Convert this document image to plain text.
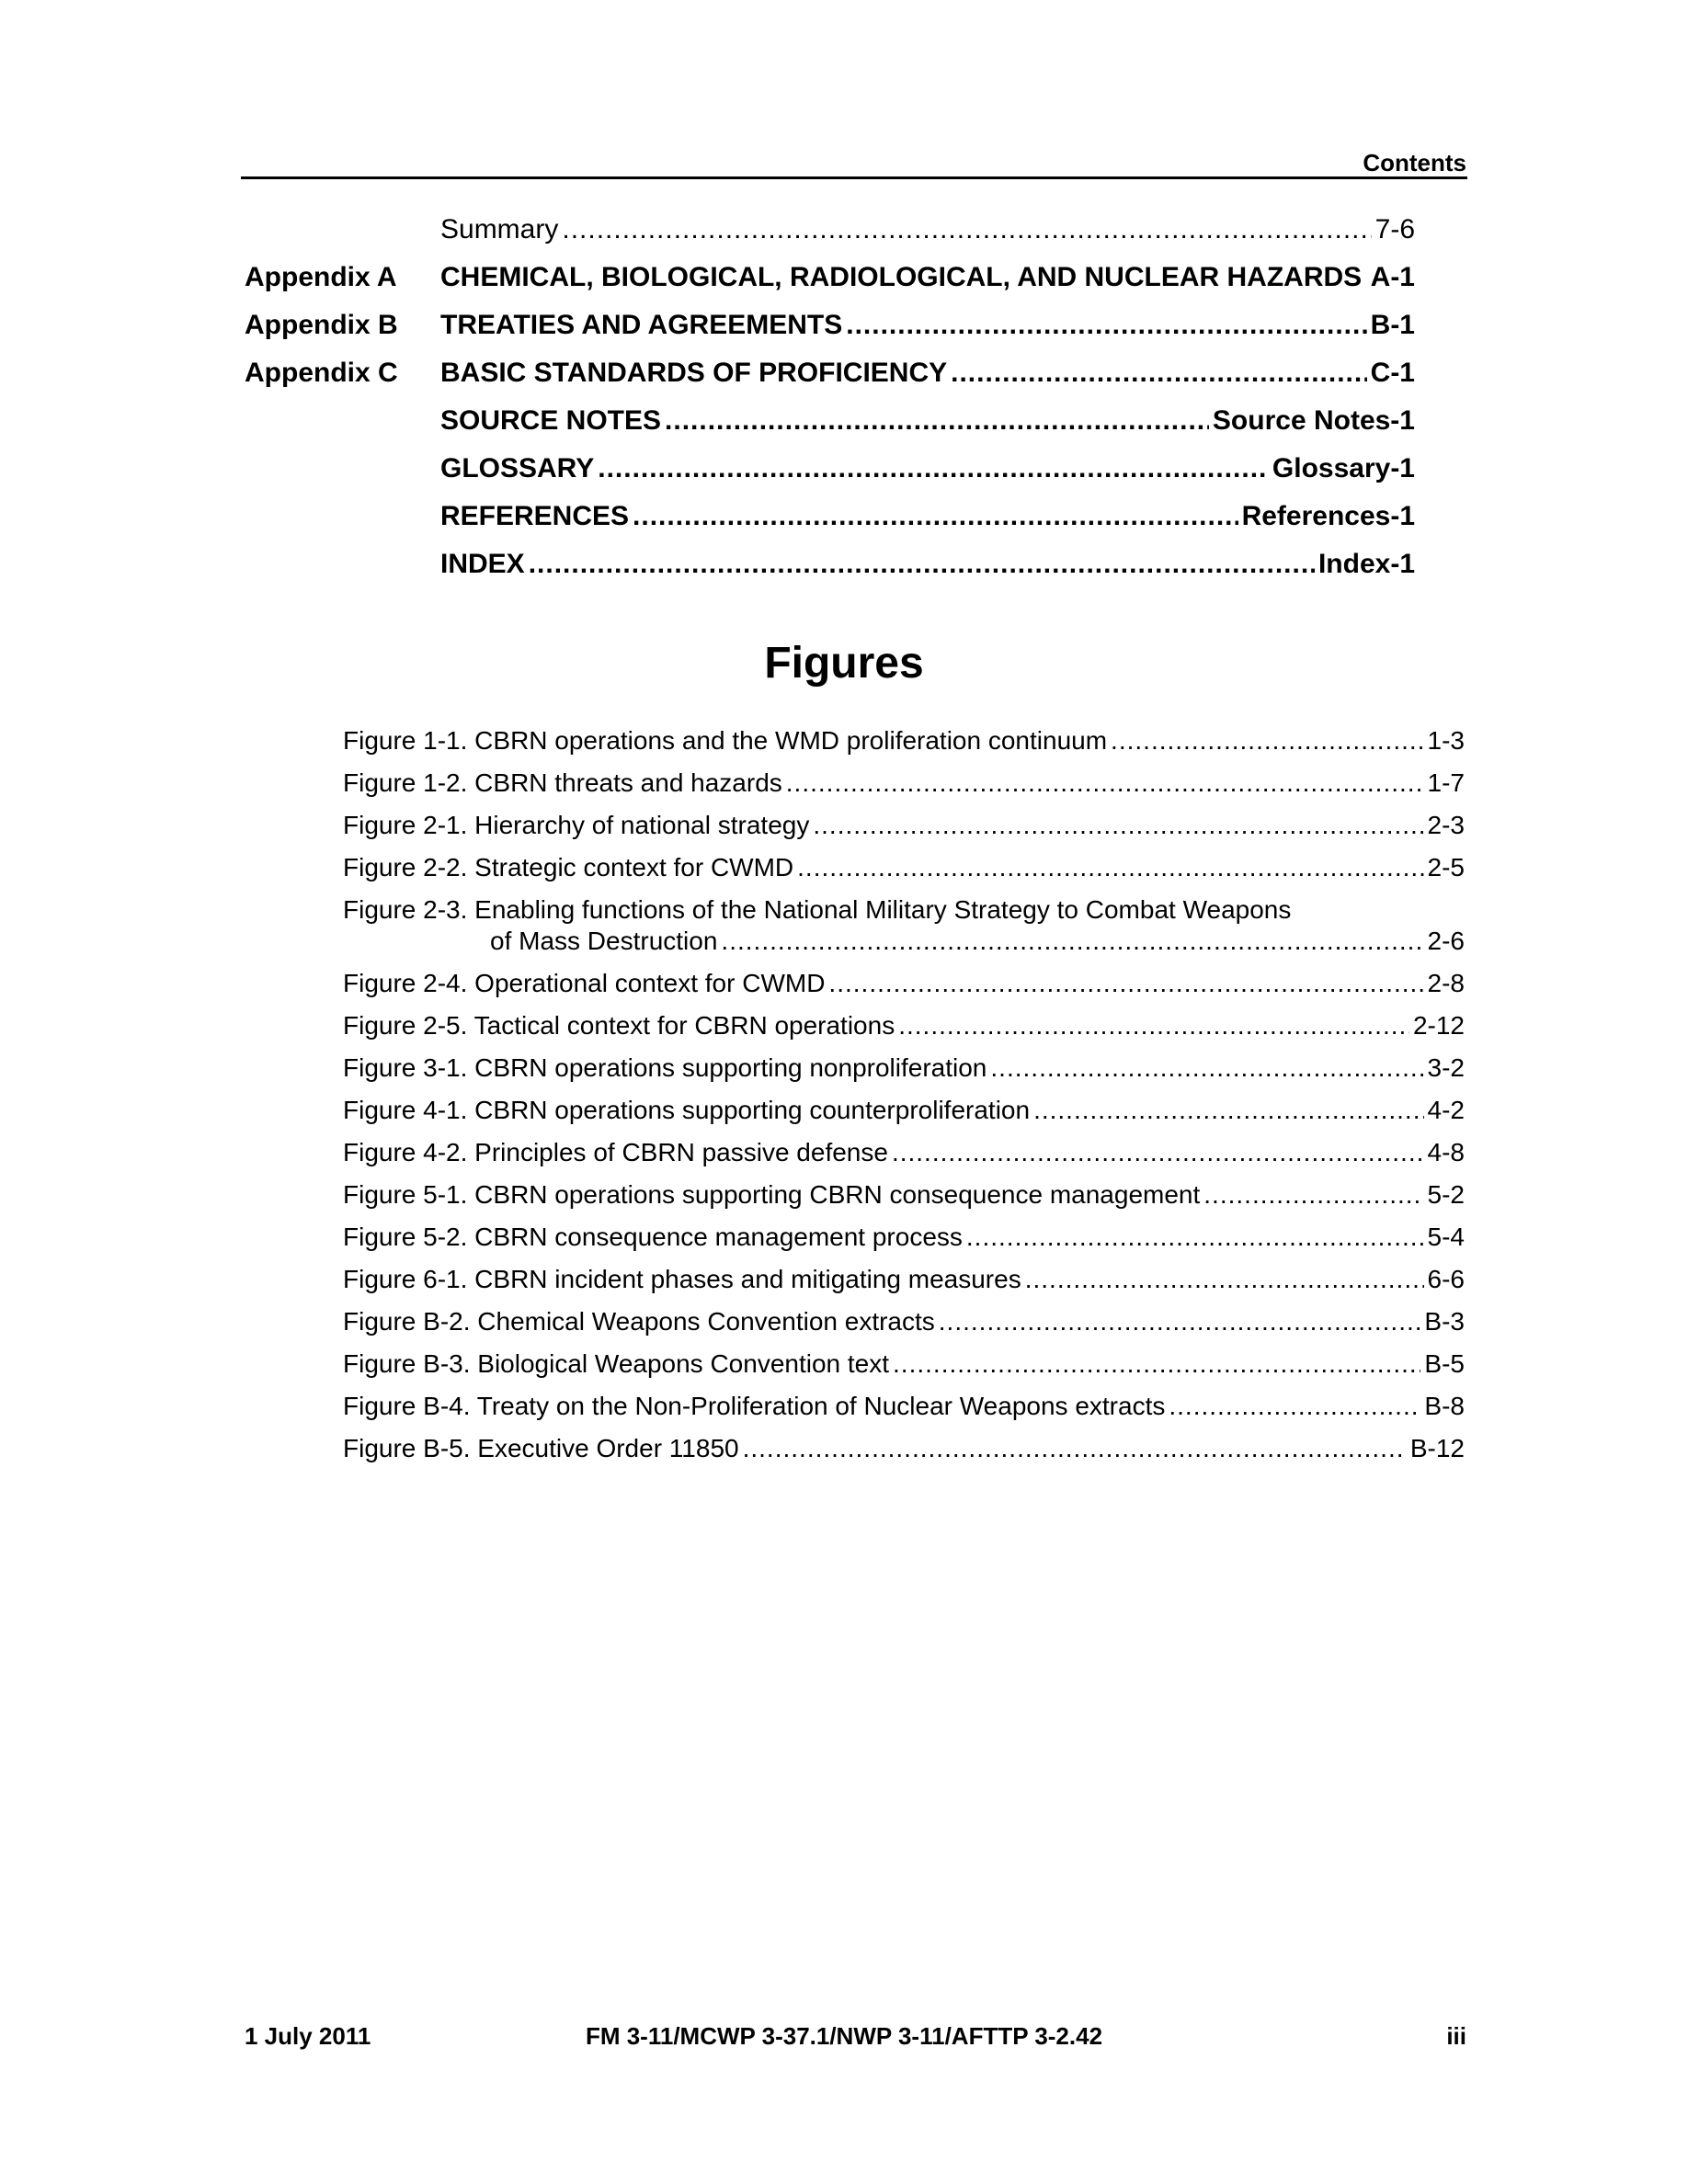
Contents
Summary .....	7-6
Appendix A CHEMICAL, BIOLOGICAL, RADIOLOGICAL, AND NUCLEAR HAZARDS ..... A-1
Appendix B TREATIES AND AGREEMENTS .....	B-1
Appendix C BASIC STANDARDS OF PROFICIENCY .....	C-1
SOURCE NOTES .....	Source Notes-1
GLOSSARY .....	Glossary-1
REFERENCES .....	References-1
INDEX .....	Index-1
Figures
Figure 1-1. CBRN operations and the WMD proliferation continuum .....	1-3
Figure 1-2. CBRN threats and hazards .....	1-7
Figure 2-1. Hierarchy of national strategy .....	2-3
Figure 2-2. Strategic context for CWMD .....	2-5
Figure 2-3. Enabling functions of the National Military Strategy to Combat Weapons
of Mass Destruction .....	2-6
Figure 2-4. Operational context for CWMD .....	2-8
Figure 2-5. Tactical context for CBRN operations .....	2-12
Figure 3-1. CBRN operations supporting nonproliferation .....	3-2
Figure 4-1. CBRN operations supporting counterproliferation .....	4-2
Figure 4-2. Principles of CBRN passive defense .....	4-8
Figure 5-1. CBRN operations supporting CBRN consequence management .....	5-2
Figure 5-2. CBRN consequence management process .....	5-4
Figure 6-1. CBRN incident phases and mitigating measures .....	6-6
Figure B-2. Chemical Weapons Convention extracts .....	B-3
Figure B-3. Biological Weapons Convention text .....	B-5
Figure B-4. Treaty on the Non-Proliferation of Nuclear Weapons extracts .....	B-8
Figure B-5. Executive Order 11850 .....	B-12
1 July 2011	FM 3-11/MCWP 3-37.1/NWP 3-11/AFTTP 3-2.42	iii
